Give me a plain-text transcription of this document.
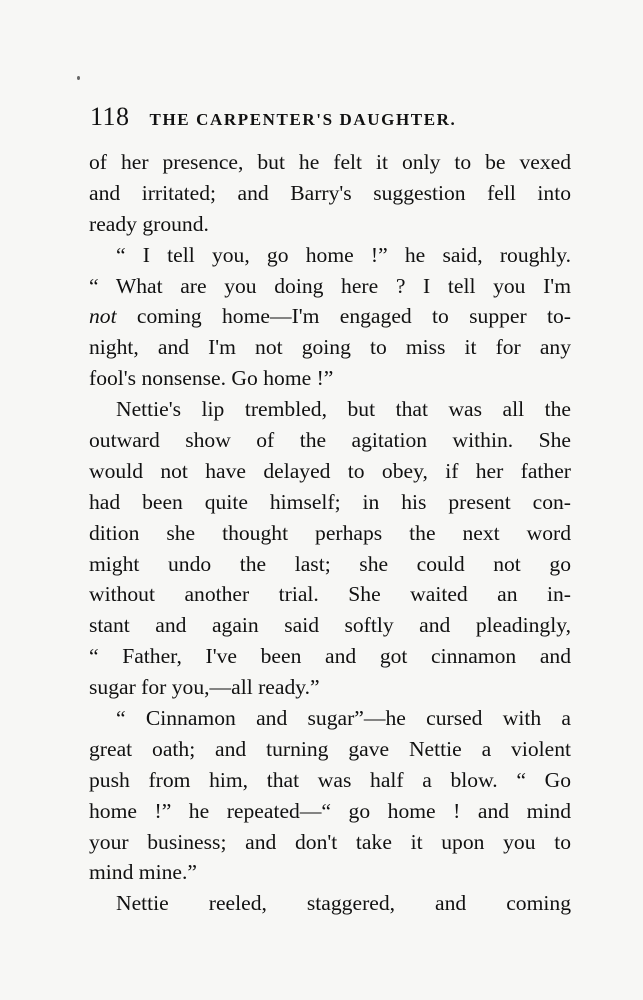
118 THE CARPENTER'S DAUGHTER.
of her presence, but he felt it only to be vexed
and irritated; and Barry's suggestion fell into
ready ground.
“ I tell you, go home !” he said, roughly.
“ What are you doing here ? I tell you I'm
not coming home—I'm engaged to supper to-
night, and I'm not going to miss it for any
fool's nonsense. Go home !”
Nettie's lip trembled, but that was all the
outward show of the agitation within. She
would not have delayed to obey, if her father
had been quite himself; in his present con-
dition she thought perhaps the next word
might undo the last; she could not go
without another trial. She waited an in-
stant and again said softly and pleadingly,
“ Father, I've been and got cinnamon and
sugar for you,—all ready.”
“ Cinnamon and sugar”—he cursed with a
great oath; and turning gave Nettie a violent
push from him, that was half a blow. “ Go
home !” he repeated—“ go home ! and mind
your business; and don't take it upon you to
mind mine.”
Nettie reeled, staggered, and coming
